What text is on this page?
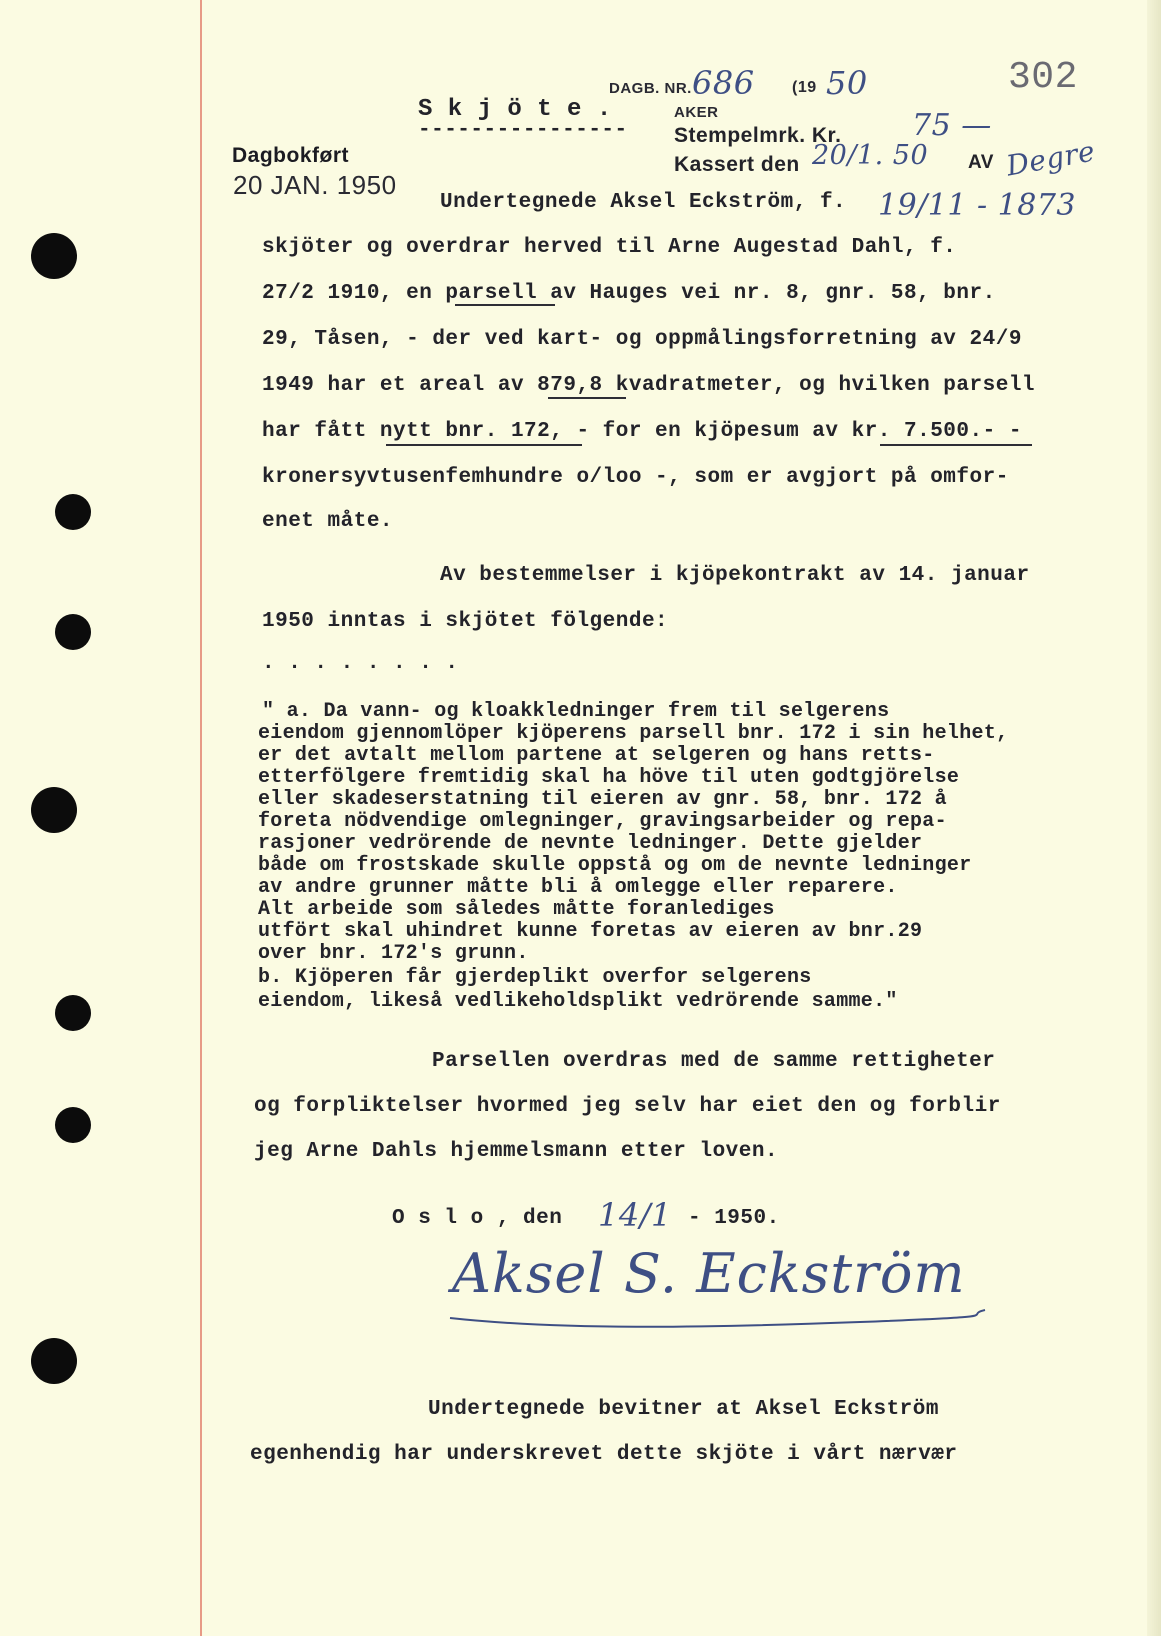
302
DAGB. NR. 686 (19 50
AKER
Stempelmrk. Kr. 75 —
Kassert den 20/1. 50 AV Degre
Dagbokført
20 JAN. 1950
S k j ö t e .
----------------
Undertegnede Aksel Eckström, f. 19/11 - 1873
skjöter og overdrar herved til Arne Augestad Dahl, f.
27/2 1910, en parsell av Hauges vei nr. 8, gnr. 58, bnr.
29, Tåsen, - der ved kart- og oppmålingsforretning av 24/9
1949 har et areal av 879,8 kvadratmeter, og hvilken parsell
har fått nytt bnr. 172, - for en kjöpesum av kr. 7.500.- -
kronersyvtusenfemhundre o/loo -, som er avgjort på omfor-
enet måte.
Av bestemmelser i kjöpekontrakt av 14. januar
1950 inntas i skjötet fölgende:
. . . . . . . .
" a. Da vann- og kloakkledninger frem til selgerens
eiendom gjennomlöper kjöperens parsell bnr. 172 i sin helhet,
er det avtalt mellom partene at selgeren og hans retts-
etterfölgere fremtidig skal ha höve til uten godtgjörelse
eller skadeserstatning til eieren av gnr. 58, bnr. 172 å
foreta nödvendige omlegninger, gravingsarbeider og repa-
rasjoner vedrörende de nevnte ledninger. Dette gjelder
både om frostskade skulle oppstå og om de nevnte ledninger
av andre grunner måtte bli å omlegge eller reparere.
Alt arbeide som således måtte foranlediges
utfört skal uhindret kunne foretas av eieren av bnr.29
over bnr. 172's grunn.
b. Kjöperen får gjerdeplikt overfor selgerens
eiendom, likeså vedlikeholdsplikt vedrörende samme."
Parsellen overdras med de samme rettigheter
og forpliktelser hvormed jeg selv har eiet den og forblir
jeg Arne Dahls hjemmelsmann etter loven.
O s l o , den 14/1 - 1950.
Aksel S. Eckström
Undertegnede bevitner at Aksel Eckström
egenhendig har underskrevet dette skjöte i vårt nærvær
